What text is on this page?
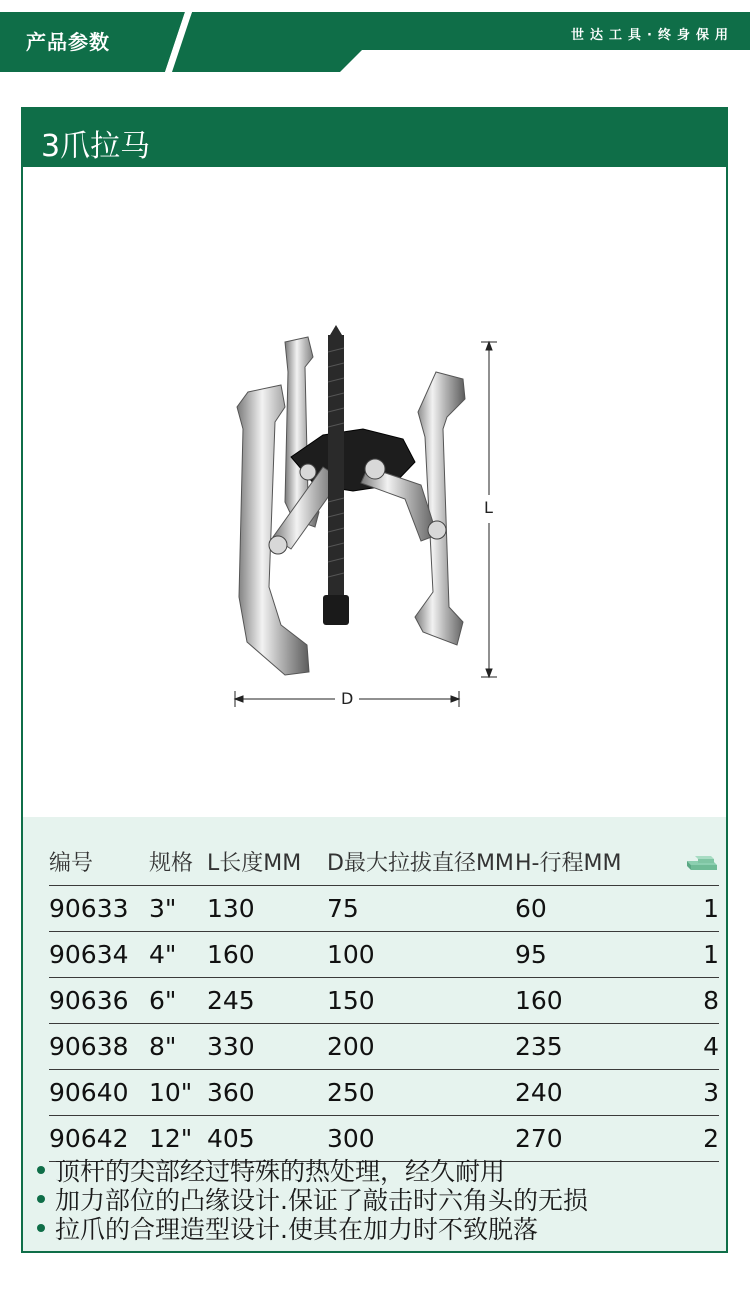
产品参数	世达工具·终身保用
3爪拉马
L
D
编号	规格	L长度MM	D最大拉拔直径MM	H-行程MM	
90633	3"	130	75	60	1
90634	4"	160	100	95	1
90636	6"	245	150	160	8
90638	8"	330	200	235	4
90640	10"	360	250	240	3
90642	12"	405	300	270	2
顶杆的尖部经过特殊的热处理，经久耐用
加力部位的凸缘设计.保证了敲击时六角头的无损
拉爪的合理造型设计.使其在加力时不致脱落
